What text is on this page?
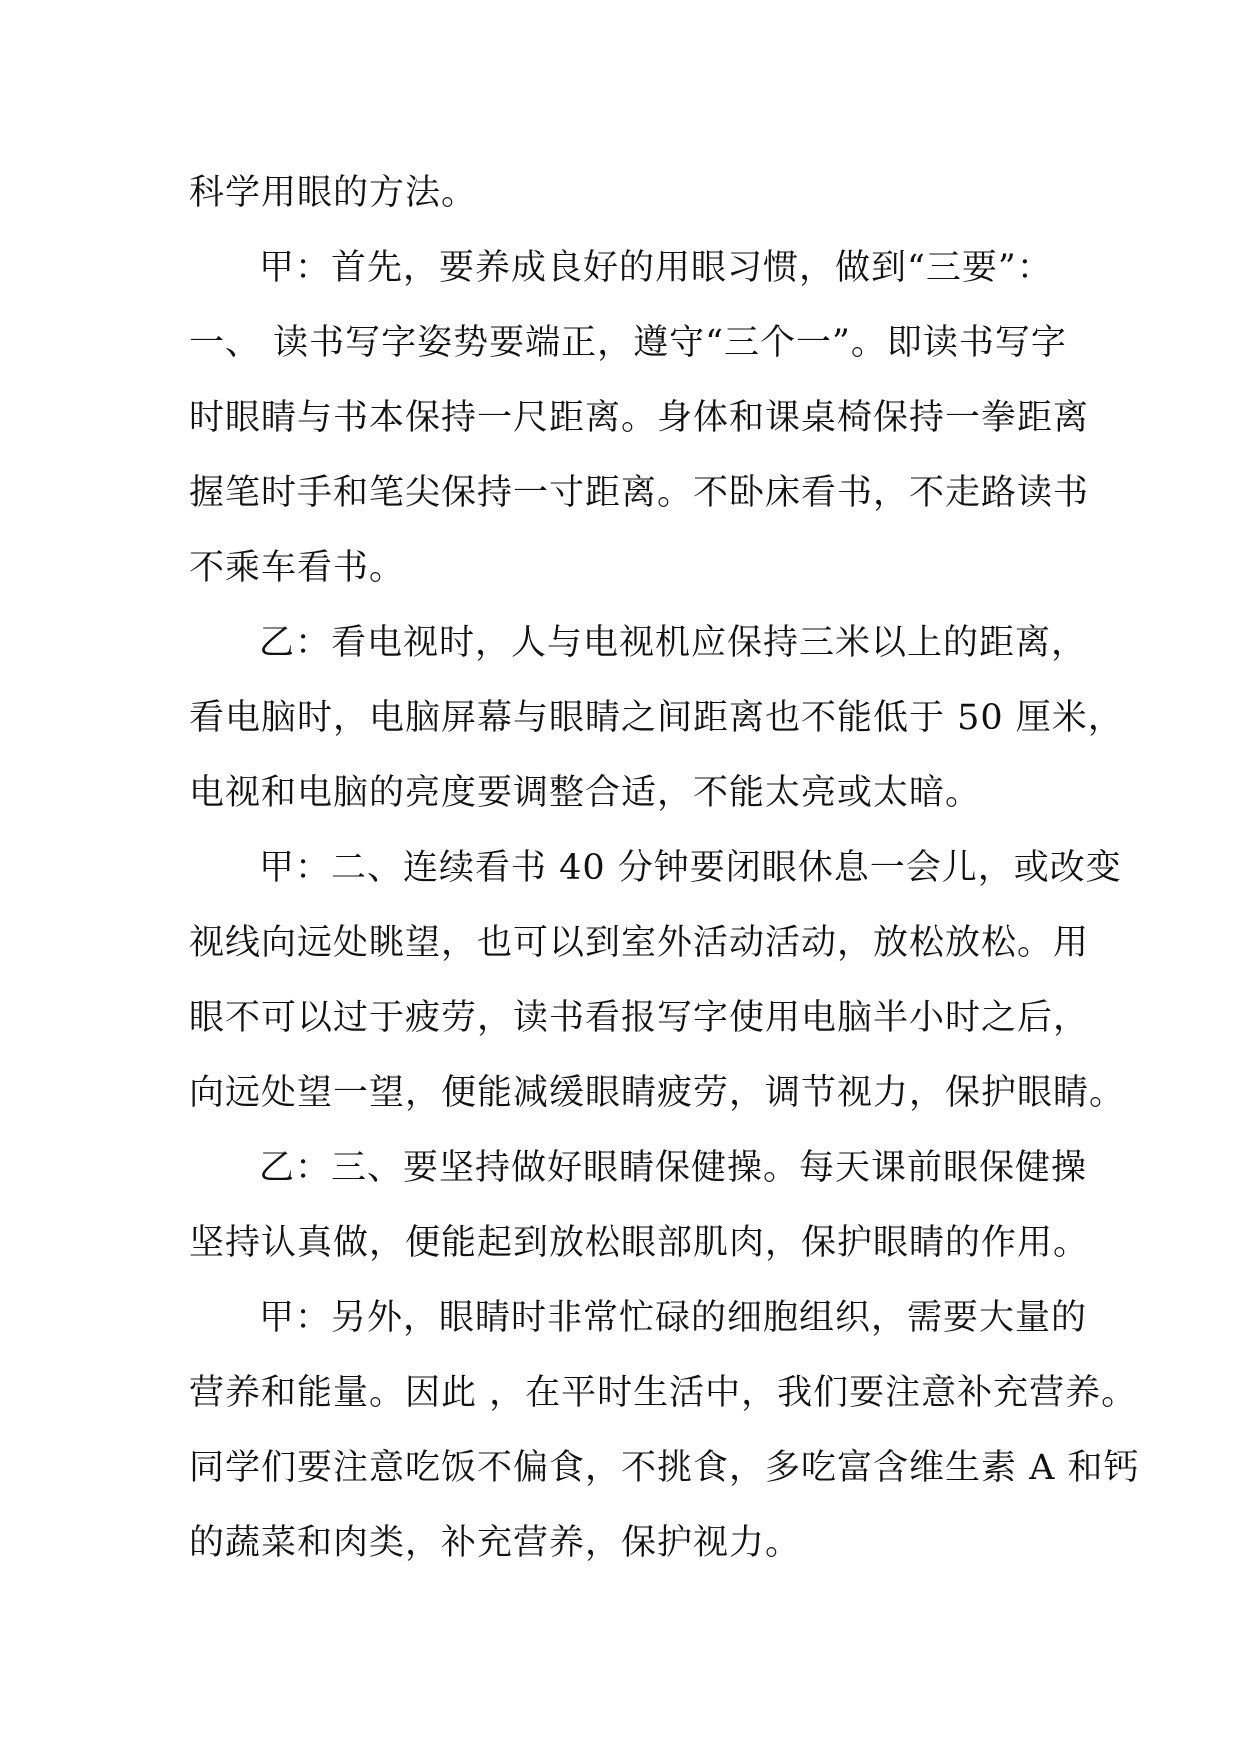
科学用眼的方法。
甲：首先，要养成良好的用眼习惯，做到“三要”：
一、 读书写字姿势要端正，遵守“三个一”。即读书写字
时眼睛与书本保持一尺距离。身体和课桌椅保持一拳距离
握笔时手和笔尖保持一寸距离。不卧床看书，不走路读书
不乘车看书。
乙：看电视时，人与电视机应保持三米以上的距离，
看电脑时，电脑屏幕与眼睛之间距离也不能低于 50 厘米，
电视和电脑的亮度要调整合适，不能太亮或太暗。
甲：二、连续看书 40 分钟要闭眼休息一会儿，或改变
视线向远处眺望，也可以到室外活动活动，放松放松。用
眼不可以过于疲劳，读书看报写字使用电脑半小时之后，
向远处望一望，便能减缓眼睛疲劳，调节视力，保护眼睛。
乙：三、要坚持做好眼睛保健操。每天课前眼保健操
坚持认真做，便能起到放松眼部肌肉，保护眼睛的作用。
甲：另外，眼睛时非常忙碌的细胞组织，需要大量的
营养和能量。因此 ，在平时生活中，我们要注意补充营养。
同学们要注意吃饭不偏食，不挑食，多吃富含维生素 A 和钙
的蔬菜和肉类，补充营养，保护视力。
